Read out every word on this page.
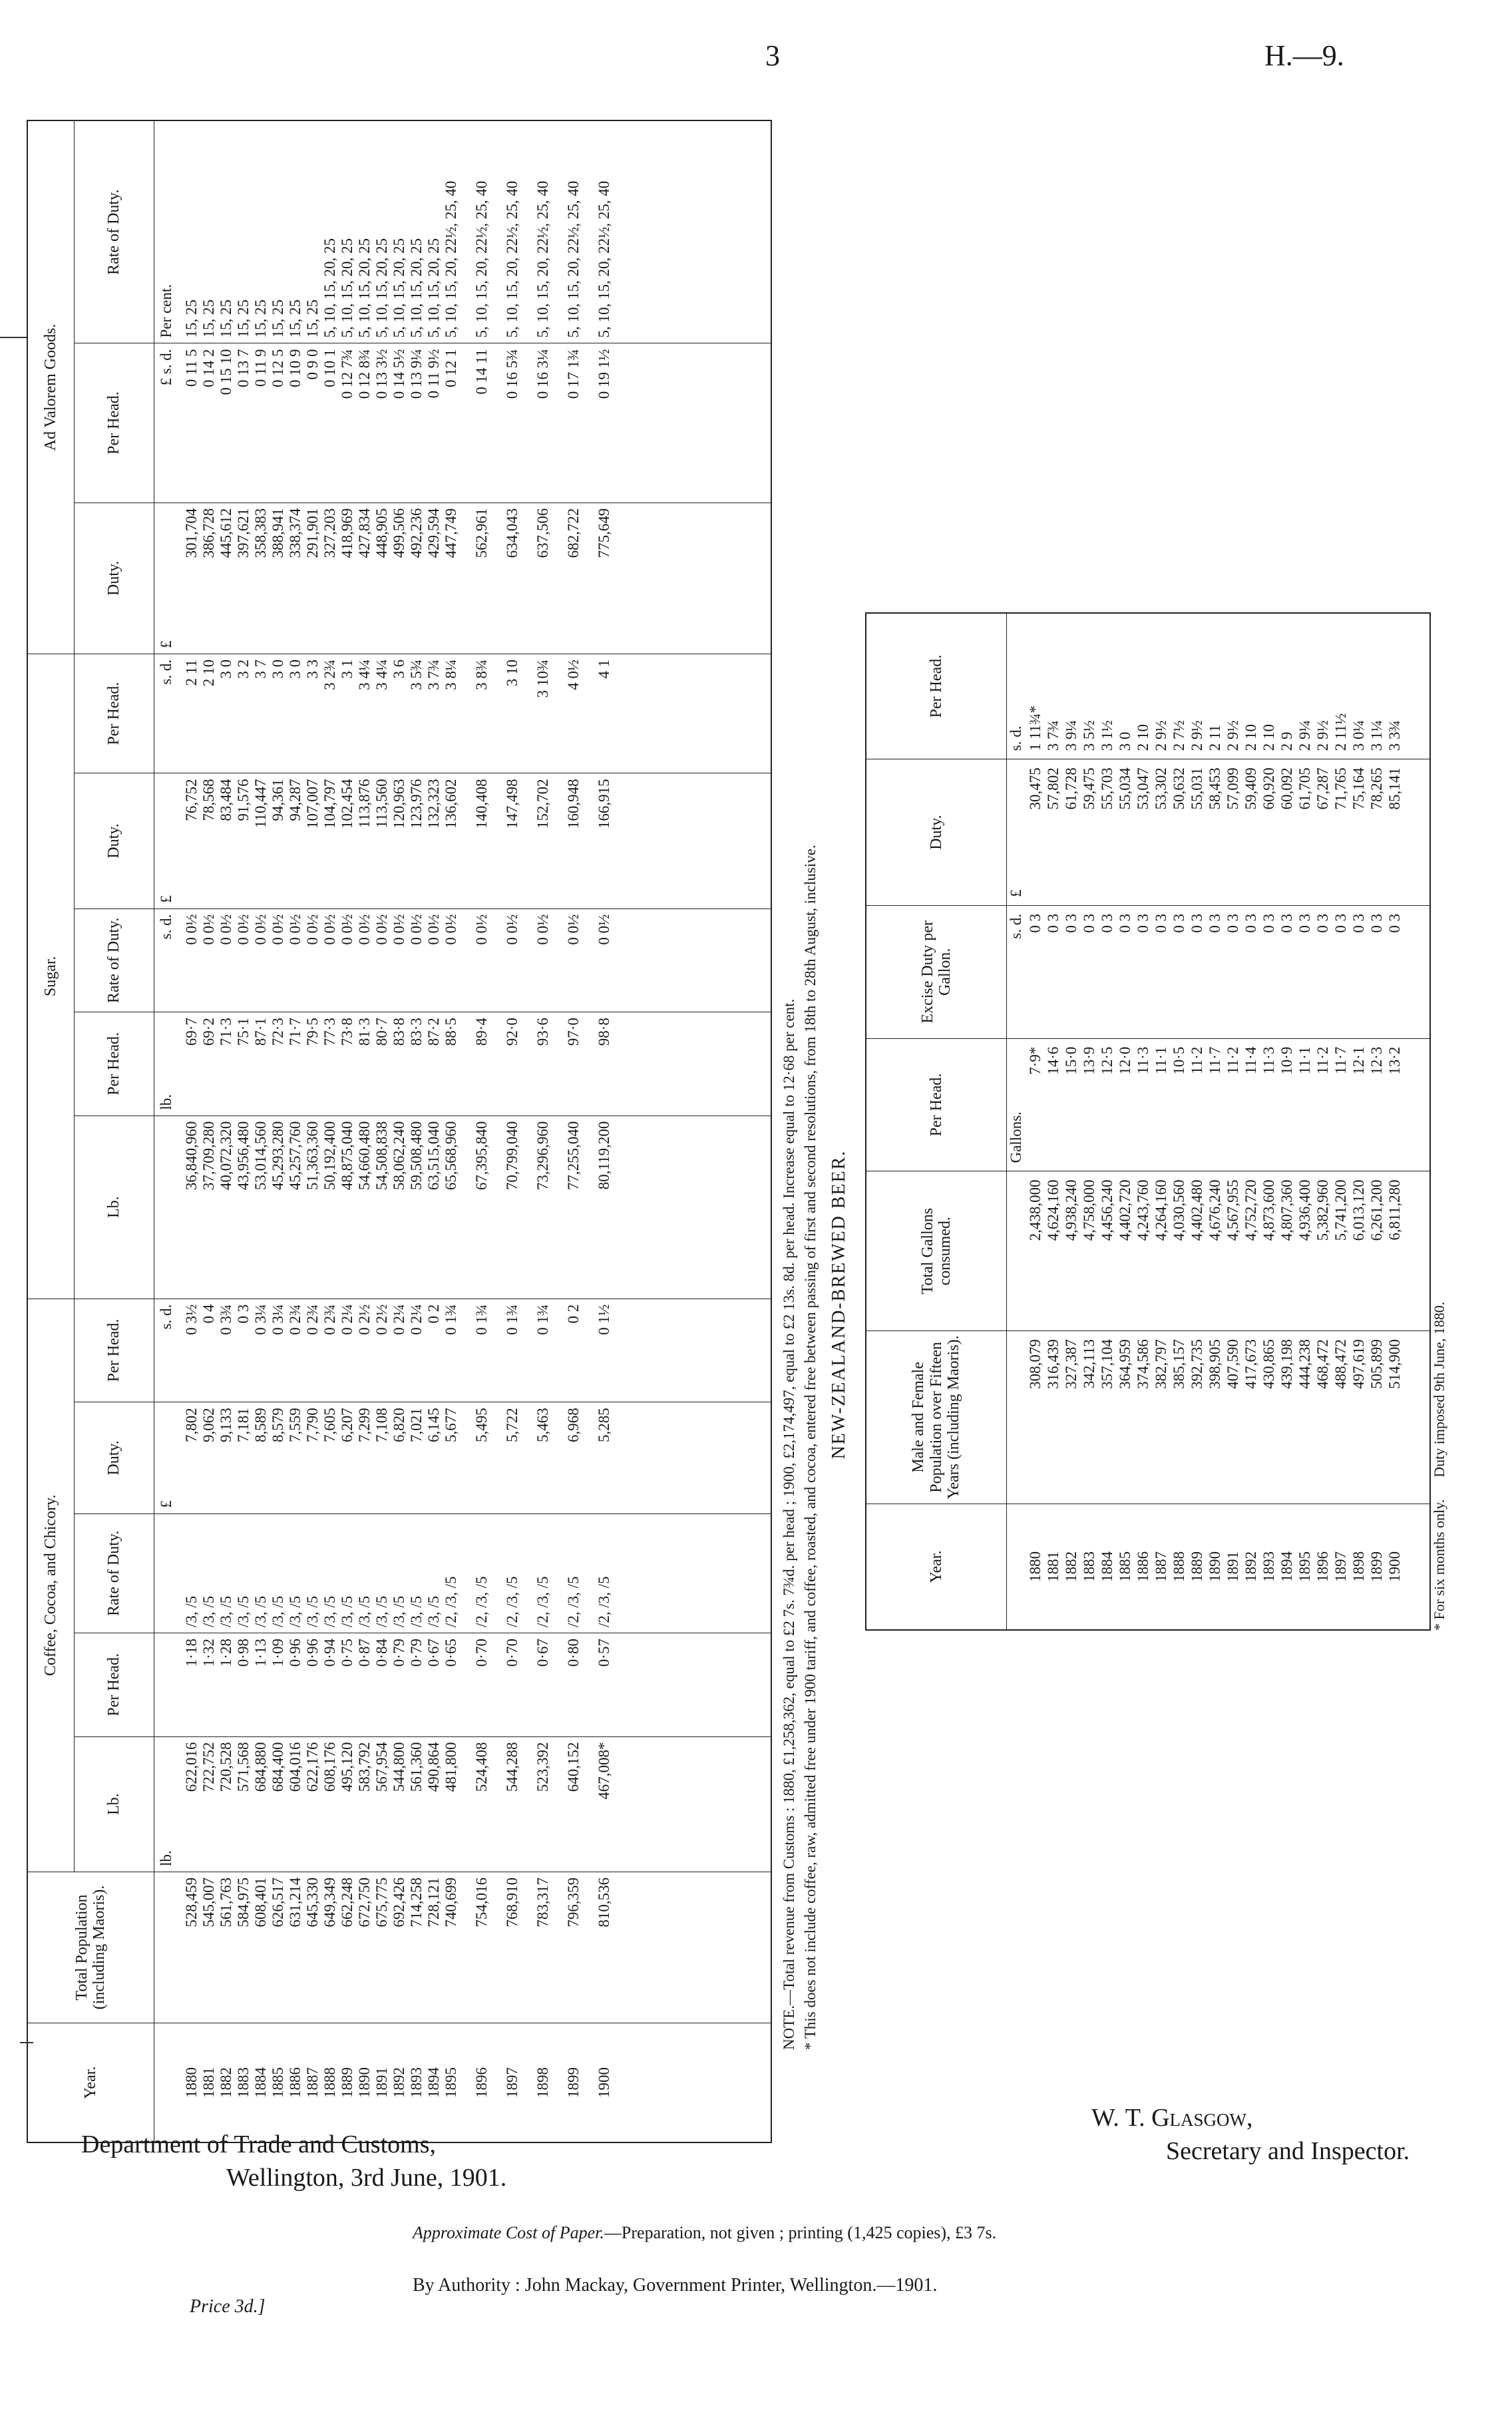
3	H.—9.
Year.	Total Population (including Maoris).	Coffee, Cocoa, and Chicory.					Sugar.					Ad Valorem Goods.		
		Lb.	Per Head.	Rate of Duty.	Duty.	Per Head.	Lb.	Per Head.	Rate of Duty.	Duty.	Per Head.	Duty.	Per Head.	Rate of Duty.
		lb.			£	s. d.		lb.	s. d.	£	s. d.	£	£ s. d.	Per cent.
1880	528,459	622,016	1·18	/3, /5	7,802	0 3½	36,840,960	69·7	0 0½	76,752	2 11	301,704	0 11 5	15, 25
1881	545,007	722,752	1·32	/3, /5	9,062	0 4	37,709,280	69·2	0 0½	78,568	2 10	386,728	0 14 2	15, 25
1882	561,763	720,528	1·28	/3, /5	9,133	0 3¾	40,072,320	71·3	0 0½	83,484	3 0	445,612	0 15 10	15, 25
1883	584,975	571,568	0·98	/3, /5	7,181	0 3	43,956,480	75·1	0 0½	91,576	3 2	397,621	0 13 7	15, 25
1884	608,401	684,880	1·13	/3, /5	8,589	0 3¼	53,014,560	87·1	0 0½	110,447	3 7	358,383	0 11 9	15, 25
1885	626,517	684,400	1·09	/3, /5	8,579	0 3¼	45,293,280	72·3	0 0½	94,361	3 0	388,941	0 12 5	15, 25
1886	631,214	604,016	0·96	/3, /5	7,559	0 2¾	45,257,760	71·7	0 0½	94,287	3 0	338,374	0 10 9	15, 25
1887	645,330	622,176	0·96	/3, /5	7,790	0 2¾	51,363,360	79·5	0 0½	107,007	3 3	291,901	0 9 0	15, 25
1888	649,349	608,176	0·94	/3, /5	7,605	0 2¾	50,192,400	77·3	0 0½	104,797	3 2¾	327,203	0 10 1	5, 10, 15, 20, 25
1889	662,248	495,120	0·75	/3, /5	6,207	0 2¼	48,875,040	73·8	0 0½	102,454	3 1	418,969	0 12 7¾	5, 10, 15, 20, 25
1890	672,750	583,792	0·87	/3, /5	7,299	0 2½	54,660,480	81·3	0 0½	113,876	3 4¼	427,834	0 12 8¾	5, 10, 15, 20, 25
1891	675,775	567,954	0·84	/3, /5	7,108	0 2½	54,508,838	80·7	0 0½	113,560	3 4¼	448,905	0 13 3½	5, 10, 15, 20, 25
1892	692,426	544,800	0·79	/3, /5	6,820	0 2¼	58,062,240	83·8	0 0½	120,963	3 6	499,506	0 14 5½	5, 10, 15, 20, 25
1893	714,258	561,360	0·79	/3, /5	7,021	0 2¼	59,508,480	83·3	0 0½	123,976	3 5¾	492,236	0 13 9¼	5, 10, 15, 20, 25
1894	728,121	490,864	0·67	/3, /5	6,145	0 2	63,515,040	87·2	0 0½	132,323	3 7¾	429,594	0 11 9½	5, 10, 15, 20, 25
1895	740,699	481,800	0·65	/2, /3, /5	5,677	0 1¾	65,568,960	88·5	0 0½	136,602	3 8¼	447,749	0 12 1	5, 10, 15, 20, 22½, 25, 40

1896	754,016	524,408	0·70	/2, /3, /5	5,495	0 1¾	67,395,840	89·4	0 0½	140,408	3 8¾	562,961	0 14 11	5, 10, 15, 20, 22½, 25, 40

1897	768,910	544,288	0·70	/2, /3, /5	5,722	0 1¾	70,799,040	92·0	0 0½	147,498	3 10	634,043	0 16 5¾	5, 10, 15, 20, 22½, 25, 40

1898	783,317	523,392	0·67	/2, /3, /5	5,463	0 1¾	73,296,960	93·6	0 0½	152,702	3 10¾	637,506	0 16 3¼	5, 10, 15, 20, 22½, 25, 40

1899	796,359	640,152	0·80	/2, /3, /5	6,968	0 2	77,255,040	97·0	0 0½	160,948	4 0½	682,722	0 17 1¾	5, 10, 15, 20, 22½, 25, 40

1900	810,536	467,008*	0·57	/2, /3, /5	5,285	0 1½	80,119,200	98·8	0 0½	166,915	4 1	775,649	0 19 1½	5, 10, 15, 20, 22½, 25, 40

NOTE.—Total revenue from Customs : 1880, £1,258,362, equal to £2 7s. 7¾d. per head ; 1900, £2,174,497, equal to £2 13s. 8d. per head. Increase equal to 12·68 per cent. * This does not include coffee, raw, admitted free under 1900 tariff, and coffee, roasted, and cocoa, entered free between passing of first and second resolutions, from 18th to 28th August, inclusive. NEW-ZEALAND-BREWED BEER.
Year.	Male and Female Population over Fifteen Years (including Maoris).	Total Gallons consumed.	Per Head.	Excise Duty per Gallon.	Duty.	Per Head.
			Gallons.	s. d.	£	s. d.
1880	308,079	2,438,000	7·9*	0 3	30,475	1 11¾*
1881	316,439	4,624,160	14·6	0 3	57,802	3 7¾
1882	327,387	4,938,240	15·0	0 3	61,728	3 9¼
1883	342,113	4,758,000	13·9	0 3	59,475	3 5½
1884	357,104	4,456,240	12·5	0 3	55,703	3 1½
1885	364,959	4,402,720	12·0	0 3	55,034	3 0
1886	374,586	4,243,760	11·3	0 3	53,047	2 10
1887	382,797	4,264,160	11·1	0 3	53,302	2 9½
1888	385,157	4,030,560	10·5	0 3	50,632	2 7½
1889	392,735	4,402,480	11·2	0 3	55,031	2 9½
1890	398,905	4,676,240	11·7	0 3	58,453	2 11
1891	407,590	4,567,955	11·2	0 3	57,099	2 9½
1892	417,673	4,752,720	11·4	0 3	59,409	2 10
1893	430,865	4,873,600	11·3	0 3	60,920	2 10
1894	439,198	4,807,360	10·9	0 3	60,092	2 9
1895	444,238	4,936,400	11·1	0 3	61,705	2 9¼
1896	468,472	5,382,960	11·2	0 3	67,287	2 9½
1897	488,472	5,741,200	11·7	0 3	71,765	2 11½
1898	497,619	6,013,120	12·1	0 3	75,164	3 0¼
1899	505,899	6,261,200	12·3	0 3	78,265	3 1¼
1900	514,900	6,811,280	13·2	0 3	85,141	3 3¾

* For six months only.      Duty imposed 9th June, 1880.
Department of Trade and Customs,
Wellington, 3rd June, 1901.
W. T. Glasgow,
Secretary and Inspector.
Approximate Cost of Paper.—Preparation, not given ; printing (1,425 copies), £3 7s.
Price 3d.]
By Authority : John Mackay, Government Printer, Wellington.—1901.
